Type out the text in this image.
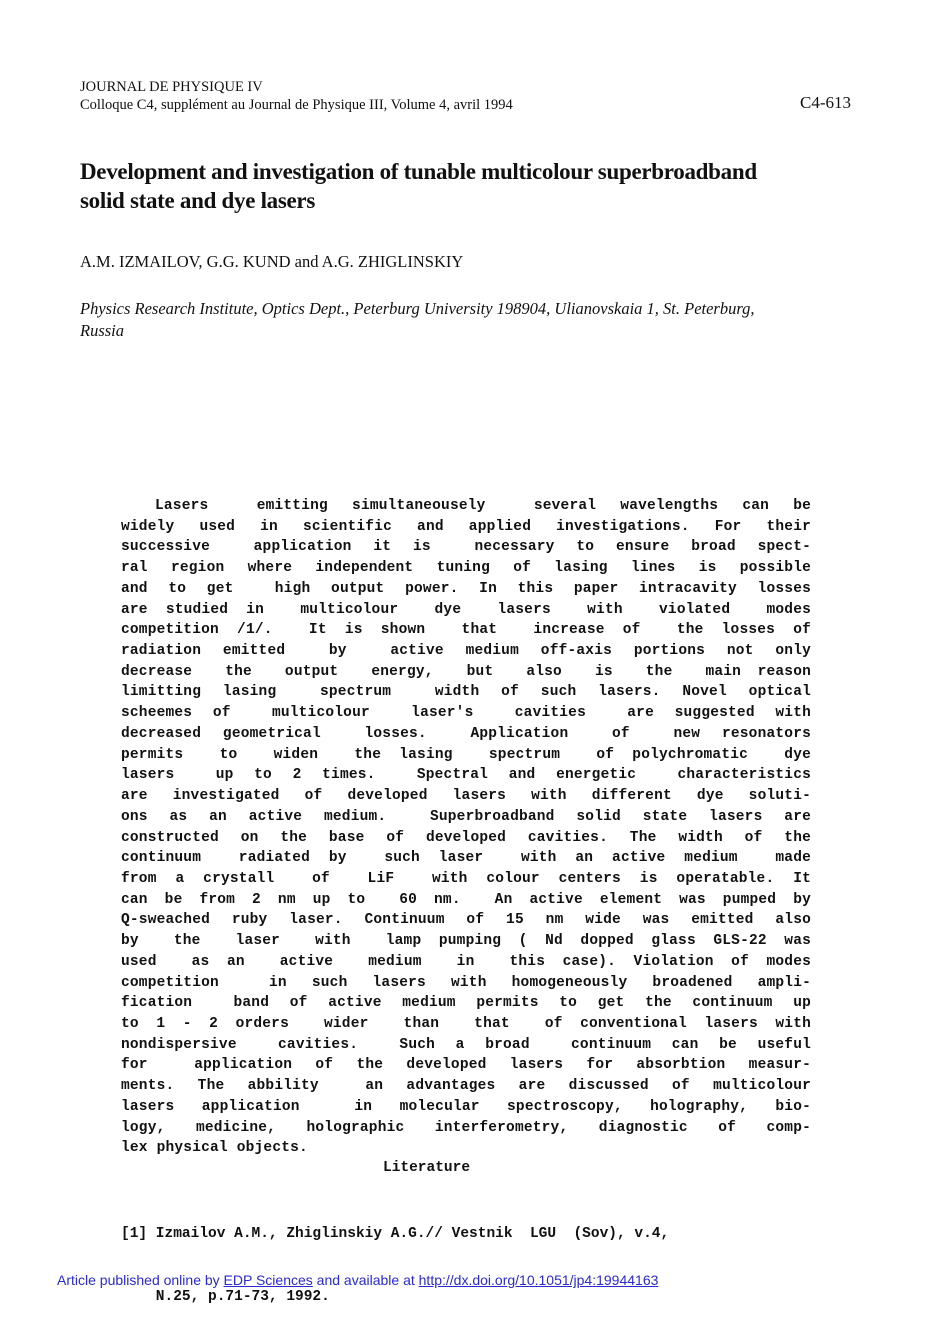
JOURNAL DE PHYSIQUE IV
Colloque C4, supplément au Journal de Physique III, Volume 4, avril 1994	C4-613
Development and investigation of tunable multicolour superbroadband
solid state and dye lasers
A.M. IZMAILOV, G.G. KUND and A.G. ZHIGLINSKIY
Physics Research Institute, Optics Dept., Peterburg University 198904, Ulianovskaia 1, St. Peterburg,
Russia
Lasers  emitting simultaneousely  several wavelengths can be
widely used in scientific and applied investigations. For their
successive  application it is  necessary to ensure broad spect-
ral region where independent tuning of lasing lines is possible
and to get  high output power. In this paper intracavity losses
are studied in  multicolour  dye  lasers  with  violated  modes
competition /1/.  It is shown  that  increase of  the losses of
radiation emitted  by  active medium off-axis portions not only
decrease  the  output  energy,  but  also  is  the  main reason
limitting lasing  spectrum  width of such lasers. Novel optical
scheemes of  multicolour  laser's  cavities  are suggested with
decreased geometrical  losses.  Application  of  new resonators
permits  to  widen  the lasing  spectrum  of polychromatic  dye
lasers  up to 2 times.  Spectral and energetic  characteristics
are investigated of developed lasers with different dye soluti-
ons as an active medium.  Superbroadband solid state lasers are
constructed on the base of developed cavities. The width of the
continuum  radiated by  such laser  with an active medium  made
from a crystall  of  LiF  with colour centers is operatable. It
can be from 2 nm up to  60 nm.  An active element was pumped by
Q-sweached ruby laser. Continuum of 15 nm wide was emitted also
by  the  laser  with  lamp pumping ( Nd dopped glass GLS-22 was
used  as an  active  medium  in  this case). Violation of modes
competition  in such lasers with homogeneously broadened ampli-
fication  band of active medium permits to get the continuum up
to 1 - 2 orders  wider  than  that  of conventional lasers with
nondispersive  cavities.  Such a broad  continuum can be useful
for  application of the developed lasers for absorbtion measur-
ments. The abbility  an advantages are discussed of multicolour
lasers application  in molecular spectroscopy, holography, bio-
logy, medicine, holographic interferometry, diagnostic of comp-
lex physical objects.
Literature

[1] Izmailov A.M., Zhiglinskiy A.G.// Vestnik  LGU  (Sov), v.4,

N.25, p.71-73, 1992.

Article published online by EDP Sciences and available at http://dx.doi.org/10.1051/jp4:19944163
